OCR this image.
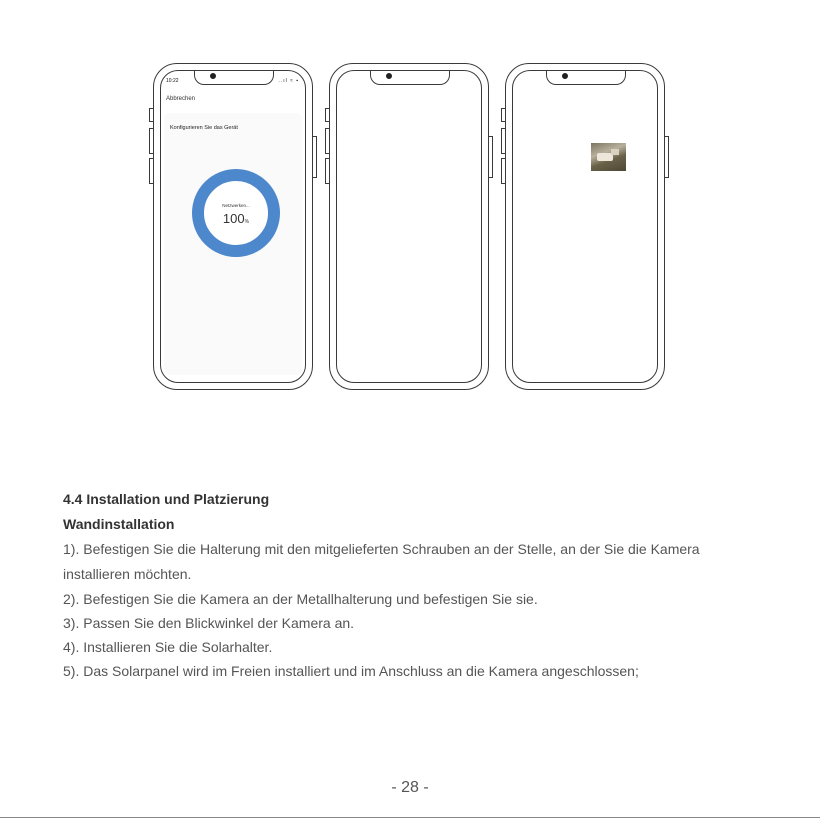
10:22	..ıl ≈ ▪
Abbrechen
Konfigurieren Sie das Gerät
Netzwerken...
100%
4.4 Installation und Platzierung
Wandinstallation
1). Befestigen Sie die Halterung mit den mitgelieferten Schrauben an der Stelle, an der Sie die Kamera
installieren möchten.
2). Befestigen Sie die Kamera an der Metallhalterung und befestigen Sie sie.
3). Passen Sie den Blickwinkel der Kamera an.
4). Installieren Sie die Solarhalter.
5). Das Solarpanel wird im Freien installiert und im Anschluss an die Kamera angeschlossen;
- 28 -
